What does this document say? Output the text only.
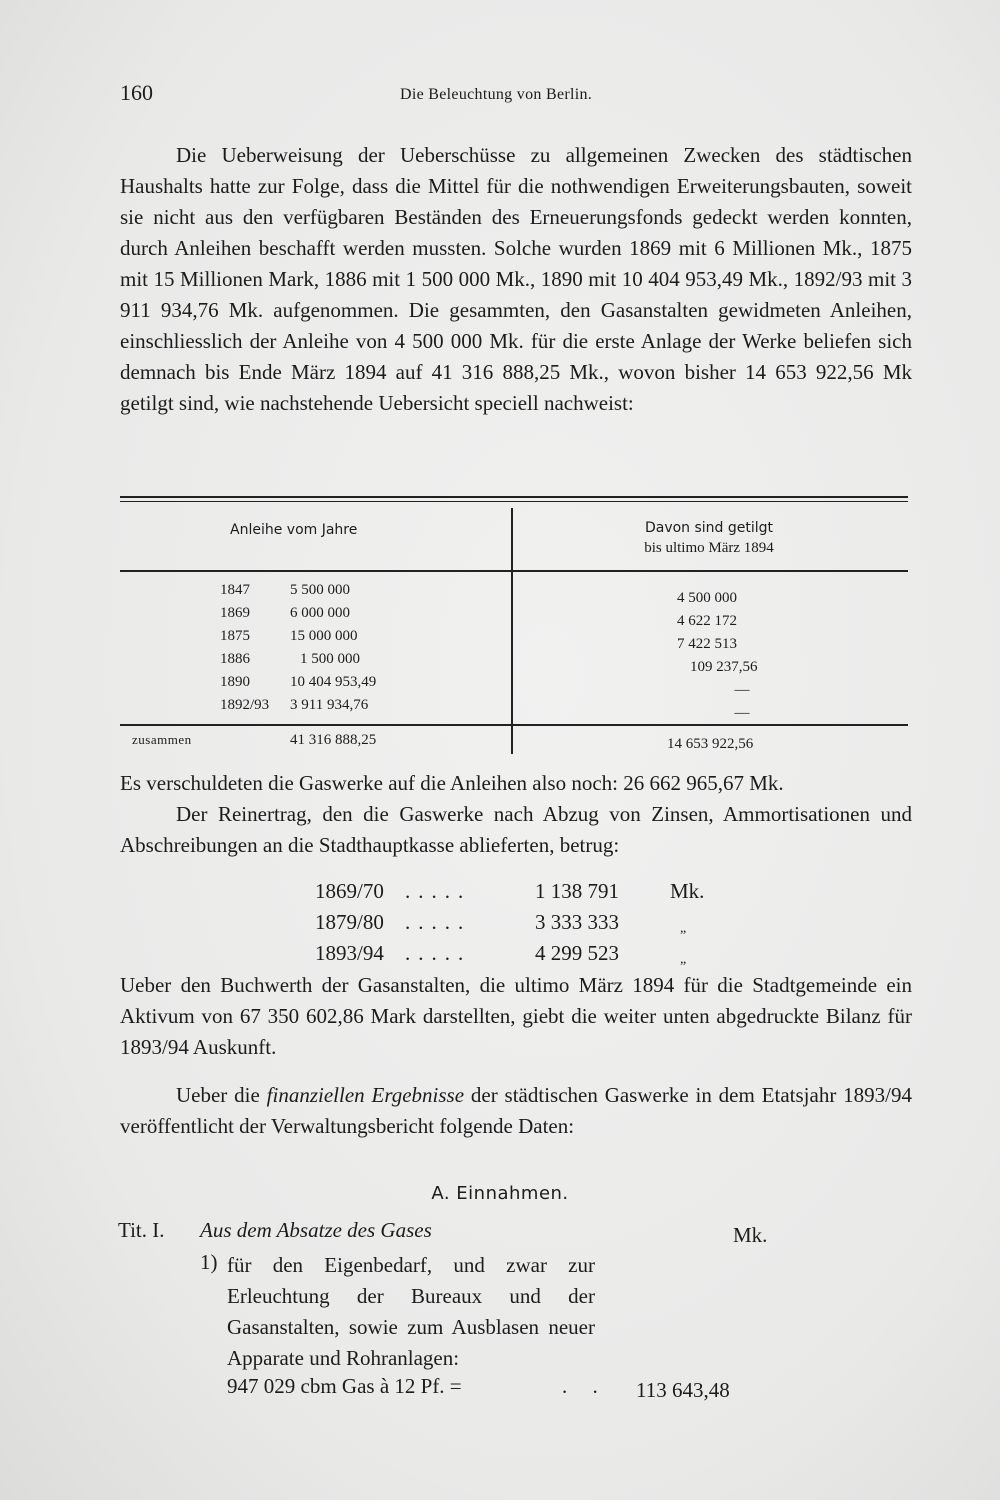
160	Die Beleuchtung von Berlin.

Die Ueberweisung der Ueberschüsse zu allgemeinen Zwecken des städtischen Haushalts hatte zur Folge, dass die Mittel für die nothwendigen Erweiterungsbauten, soweit sie nicht aus den verfügbaren Beständen des Erneuerungsfonds gedeckt werden konnten, durch Anleihen beschafft werden mussten. Solche wurden 1869 mit 6 Millionen Mk., 1875 mit 15 Millionen Mark, 1886 mit 1 500 000 Mk., 1890 mit 10 404 953,49 Mk., 1892/93 mit 3 911 934,76 Mk. aufgenommen. Die gesammten, den Gasanstalten gewidmeten Anleihen, einschliesslich der Anleihe von 4 500 000 Mk. für die erste Anlage der Werke beliefen sich demnach bis Ende März 1894 auf 41 316 888,25 Mk., wovon bisher 14 653 922,56 Mk getilgt sind, wie nachstehende Uebersicht speciell nachweist:

Anleihe vom Jahre	Davon sind getilgt
bis ultimo März 1894
1847	5 500 000	4 500 000
1869	6 000 000	4 622 172
1875	15 000 000	7 422 513
1886	1 500 000	109 237,56
1890	10 404 953,49	—
1892/93 3 911 934,76	—
zusammen	41 316 888,25	14 653 922,56
Es verschuldeten die Gaswerke auf die Anleihen also noch: 26 662 965,67 Mk.
Der Reinertrag, den die Gaswerke nach Abzug von Zinsen, Ammortisationen und Abschreibungen an die Stadthauptkasse ablieferten, betrug:
1869/70 .....	1 138 791 Mk.
1879/80 .....	3 333 333	„
1893/94 .....	4 299 523	„

Ueber den Buchwerth der Gasanstalten, die ultimo März 1894 für die Stadtgemeinde ein Aktivum von 67 350 602,86 Mark darstellten, giebt die weiter unten abgedruckte Bilanz für 1893/94 Auskunft.

Ueber die finanziellen Ergebnisse der städtischen Gaswerke in dem Etatsjahr 1893/94 veröffentlicht der Verwaltungsbericht folgende Daten:

A. Einnahmen.
Tit. I. Aus dem Absatze des Gases	Mk.
1) für den Eigenbedarf, und zwar zur Erleuchtung der Bureaux und der Gasanstalten, sowie zum Ausblasen neuer Apparate und Rohranlagen:
947 029 cbm Gas à 12 Pf. =	. . 113 643,48
